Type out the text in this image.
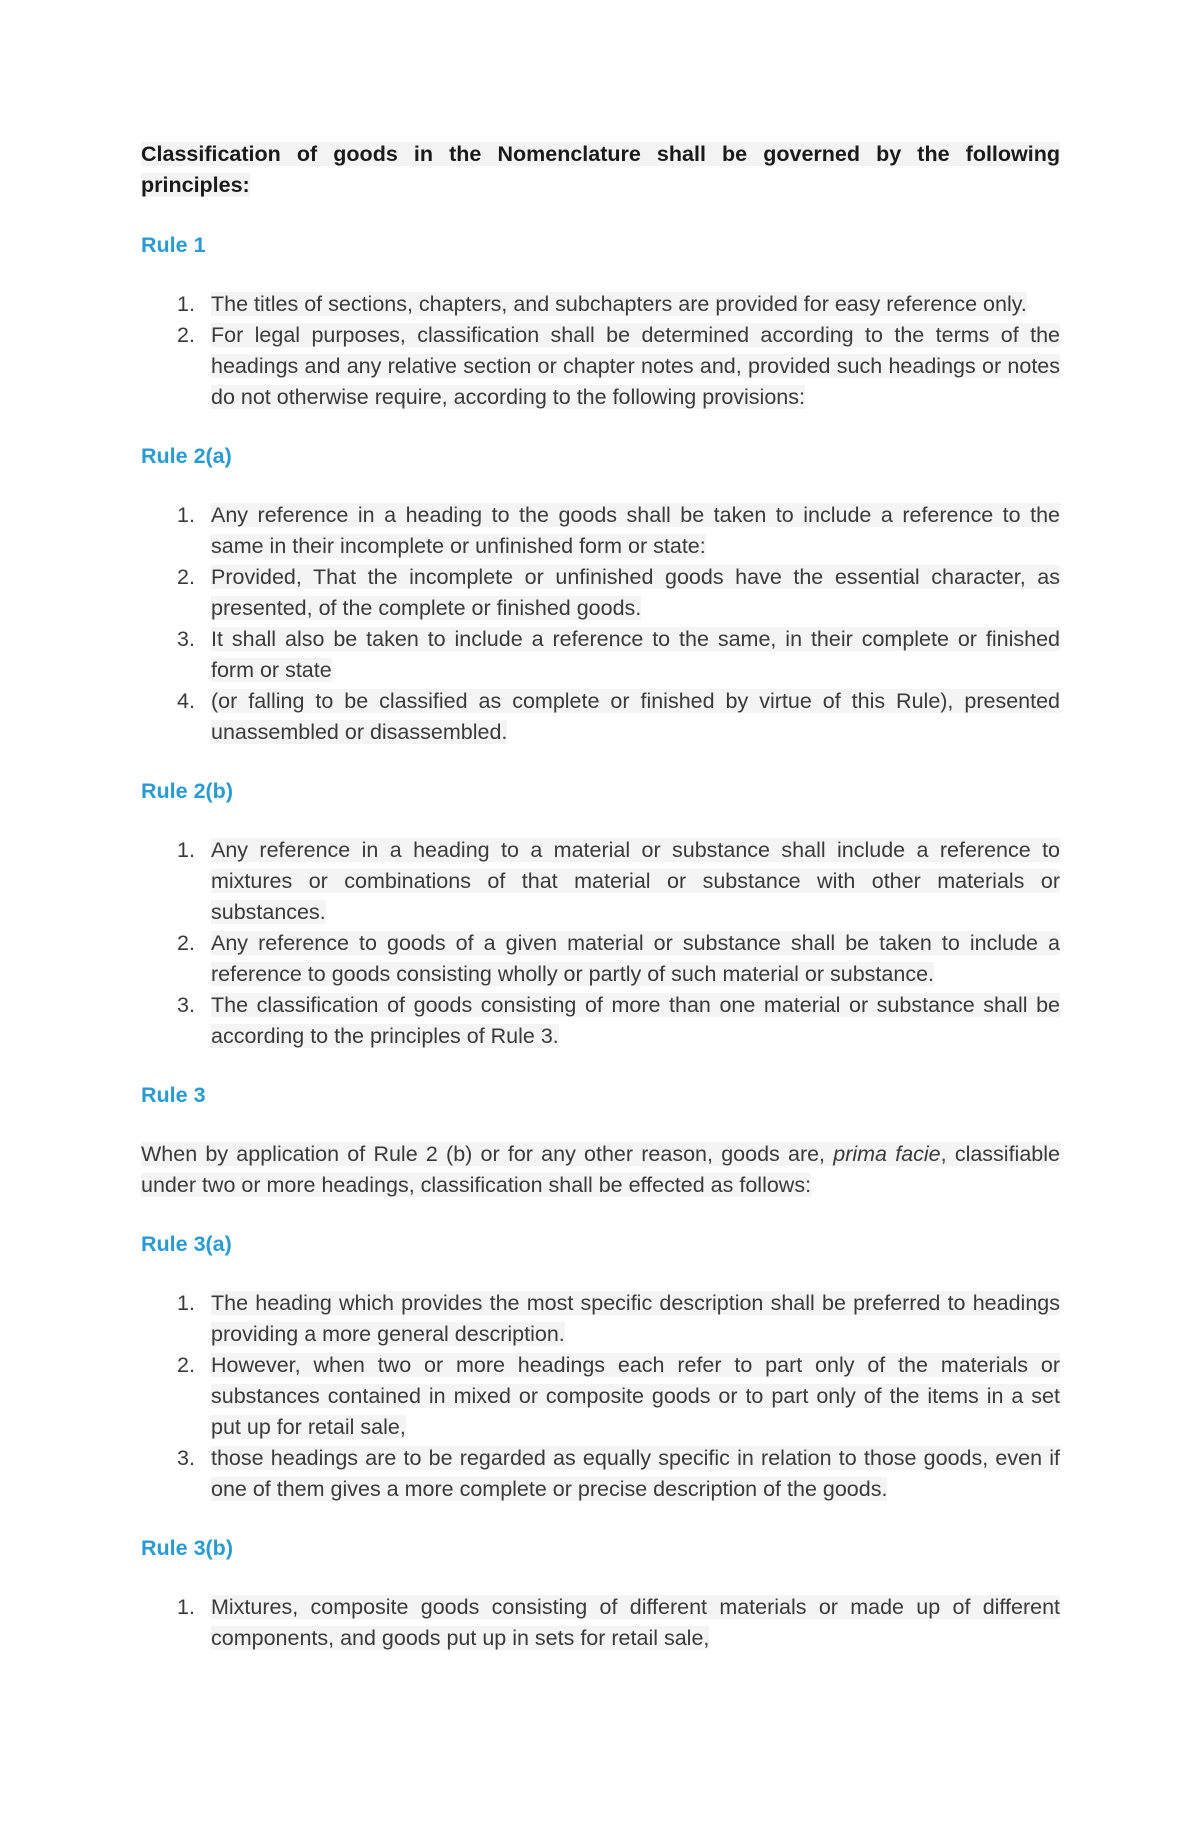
Classification of goods in the Nomenclature shall be governed by the following principles:

Rule 1

1. The titles of sections, chapters, and subchapters are provided for easy reference only.
2. For legal purposes, classification shall be determined according to the terms of the headings and any relative section or chapter notes and, provided such headings or notes do not otherwise require, according to the following provisions:

Rule 2(a)

1. Any reference in a heading to the goods shall be taken to include a reference to the same in their incomplete or unfinished form or state:
2. Provided, That the incomplete or unfinished goods have the essential character, as presented, of the complete or finished goods.
3. It shall also be taken to include a reference to the same, in their complete or finished form or state
4. (or falling to be classified as complete or finished by virtue of this Rule), presented unassembled or disassembled.

Rule 2(b)

1. Any reference in a heading to a material or substance shall include a reference to mixtures or combinations of that material or substance with other materials or substances.
2. Any reference to goods of a given material or substance shall be taken to include a reference to goods consisting wholly or partly of such material or substance.
3. The classification of goods consisting of more than one material or substance shall be according to the principles of Rule 3.

Rule 3

When by application of Rule 2 (b) or for any other reason, goods are, prima facie, classifiable under two or more headings, classification shall be effected as follows:

Rule 3(a)

1. The heading which provides the most specific description shall be preferred to headings providing a more general description.
2. However, when two or more headings each refer to part only of the materials or substances contained in mixed or composite goods or to part only of the items in a set put up for retail sale,
3. those headings are to be regarded as equally specific in relation to those goods, even if one of them gives a more complete or precise description of the goods.

Rule 3(b)

1. Mixtures, composite goods consisting of different materials or made up of different components, and goods put up in sets for retail sale,
